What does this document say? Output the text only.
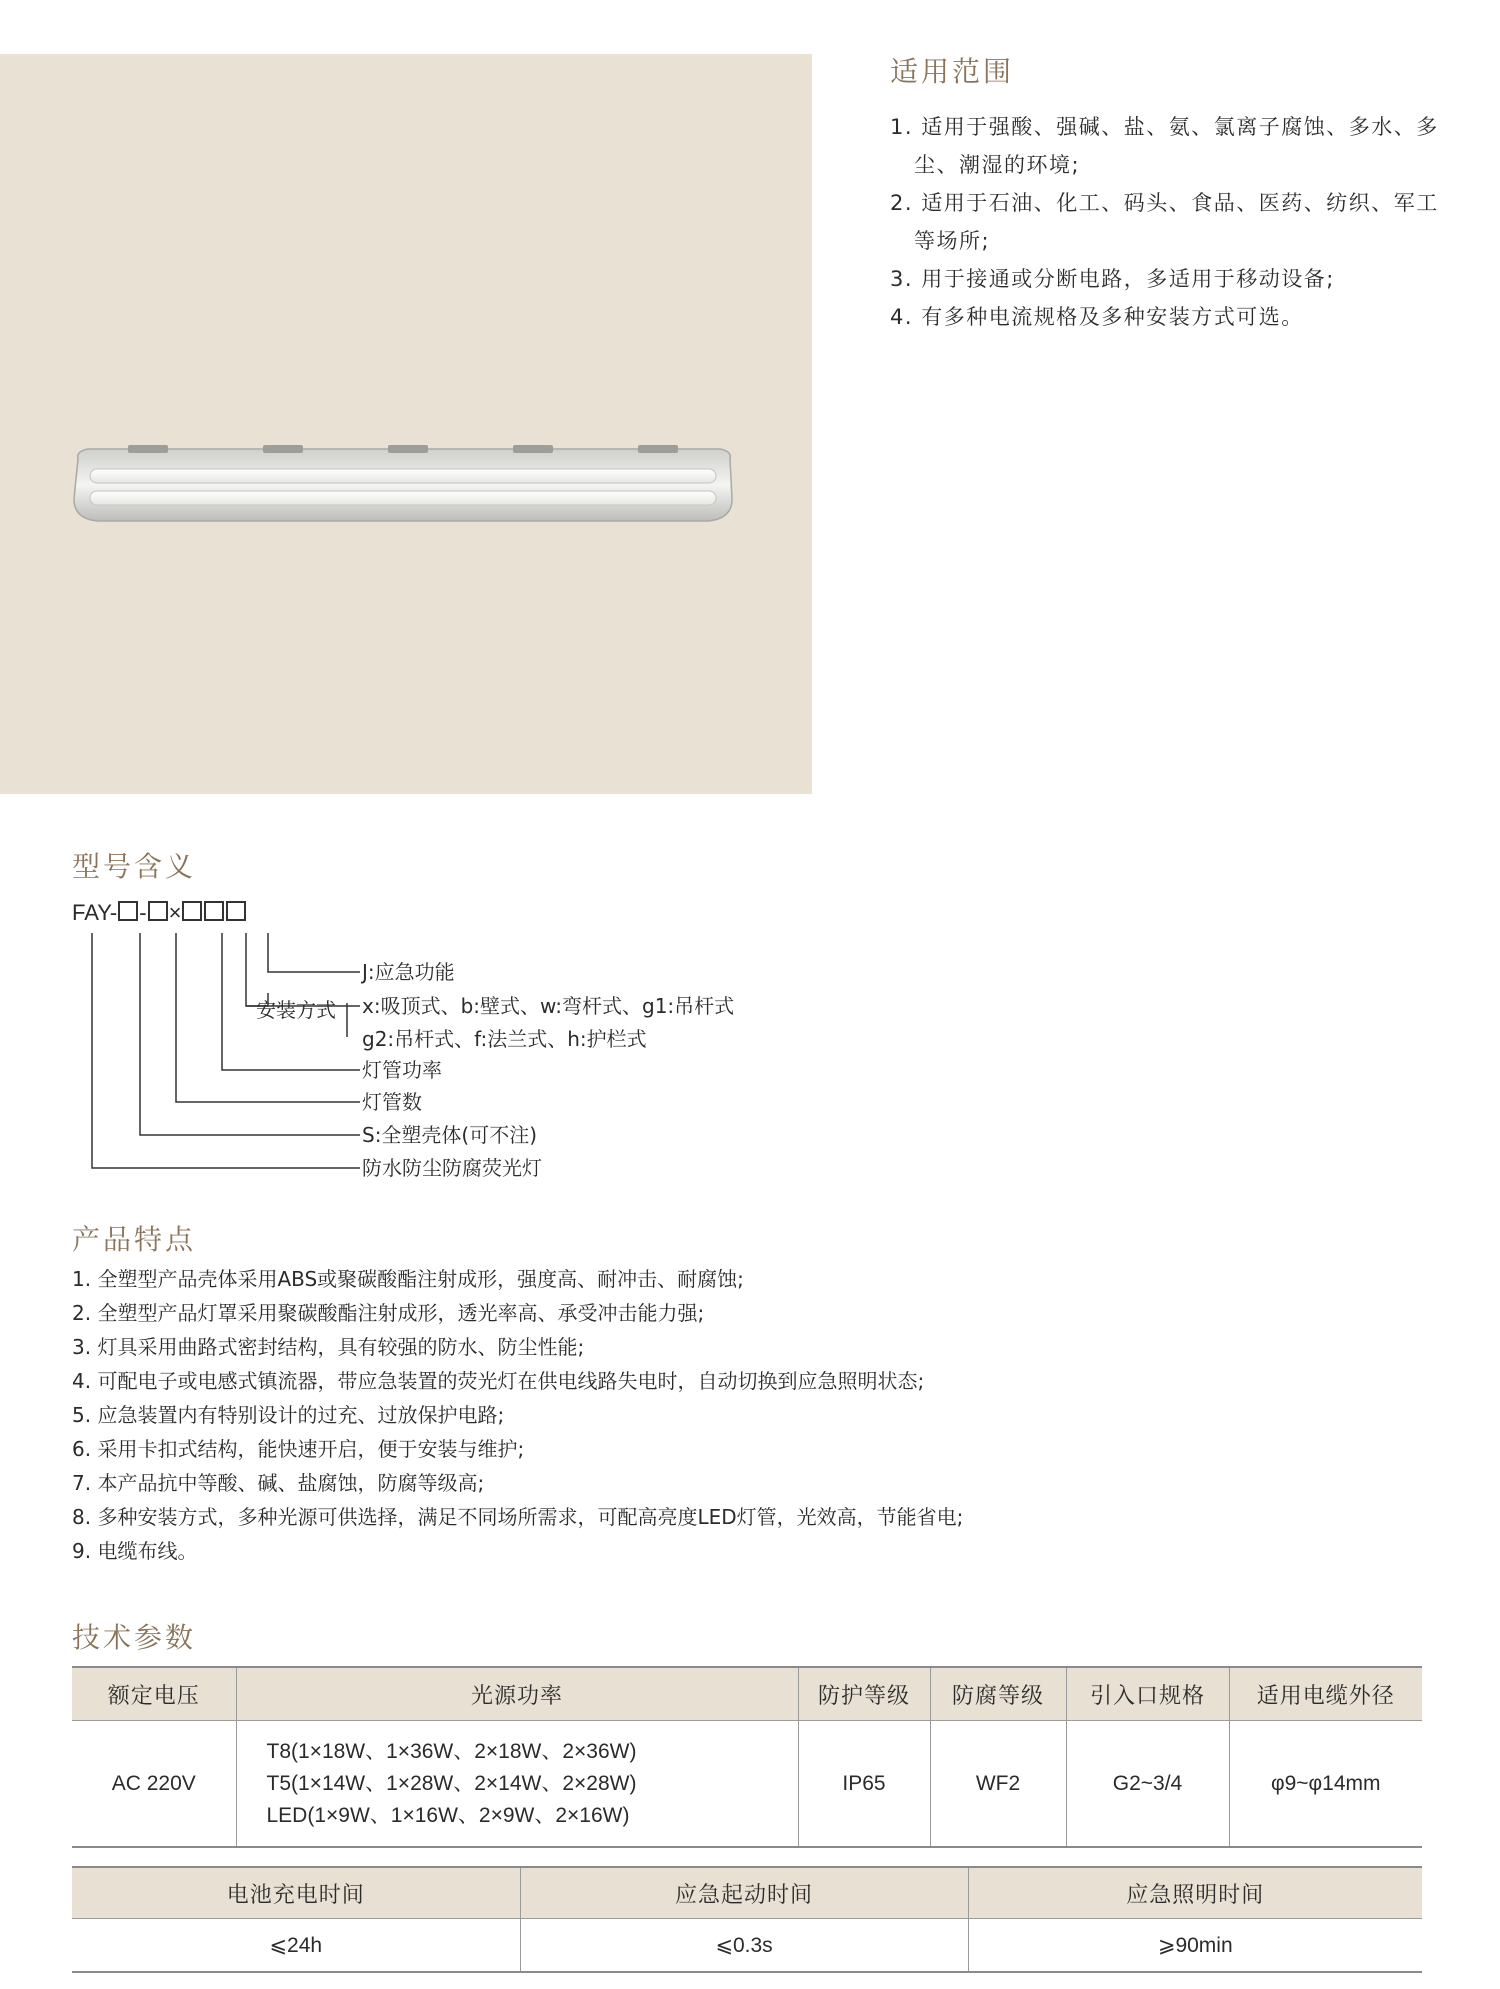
适用范围
1. 适用于强酸、强碱、盐、氨、氯离子腐蚀、多水、多尘、潮湿的环境;
2. 适用于石油、化工、码头、食品、医药、纺织、军工等场所;
3. 用于接通或分断电路，多适用于移动设备;
4. 有多种电流规格及多种安装方式可选。
型号含义
FAY- - ×
J:应急功能
安装方式 x:吸顶式、b:壁式、w:弯杆式、g1:吊杆式
g2:吊杆式、f:法兰式、h:护栏式
灯管功率
灯管数
S:全塑壳体(可不注)
防水防尘防腐荧光灯
产品特点
1. 全塑型产品壳体采用ABS或聚碳酸酯注射成形，强度高、耐冲击、耐腐蚀;
2. 全塑型产品灯罩采用聚碳酸酯注射成形，透光率高、承受冲击能力强;
3. 灯具采用曲路式密封结构，具有较强的防水、防尘性能;
4. 可配电子或电感式镇流器，带应急装置的荧光灯在供电线路失电时，自动切换到应急照明状态;
5. 应急装置内有特别设计的过充、过放保护电路;
6. 采用卡扣式结构，能快速开启，便于安装与维护;
7. 本产品抗中等酸、碱、盐腐蚀，防腐等级高;
8. 多种安装方式，多种光源可供选择，满足不同场所需求，可配高亮度LED灯管，光效高，节能省电;
9. 电缆布线。
技术参数
额定电压	光源功率	防护等级	防腐等级	引入口规格	适用电缆外径
AC 220V	T8(1×18W、1×36W、2×18W、2×36W)
T5(1×14W、1×28W、2×14W、2×28W)
LED(1×9W、1×16W、2×9W、2×16W)	IP65	WF2	G2~3/4	φ9~φ14mm
电池充电时间	应急起动时间	应急照明时间
⩽24h	⩽0.3s	⩾90min
